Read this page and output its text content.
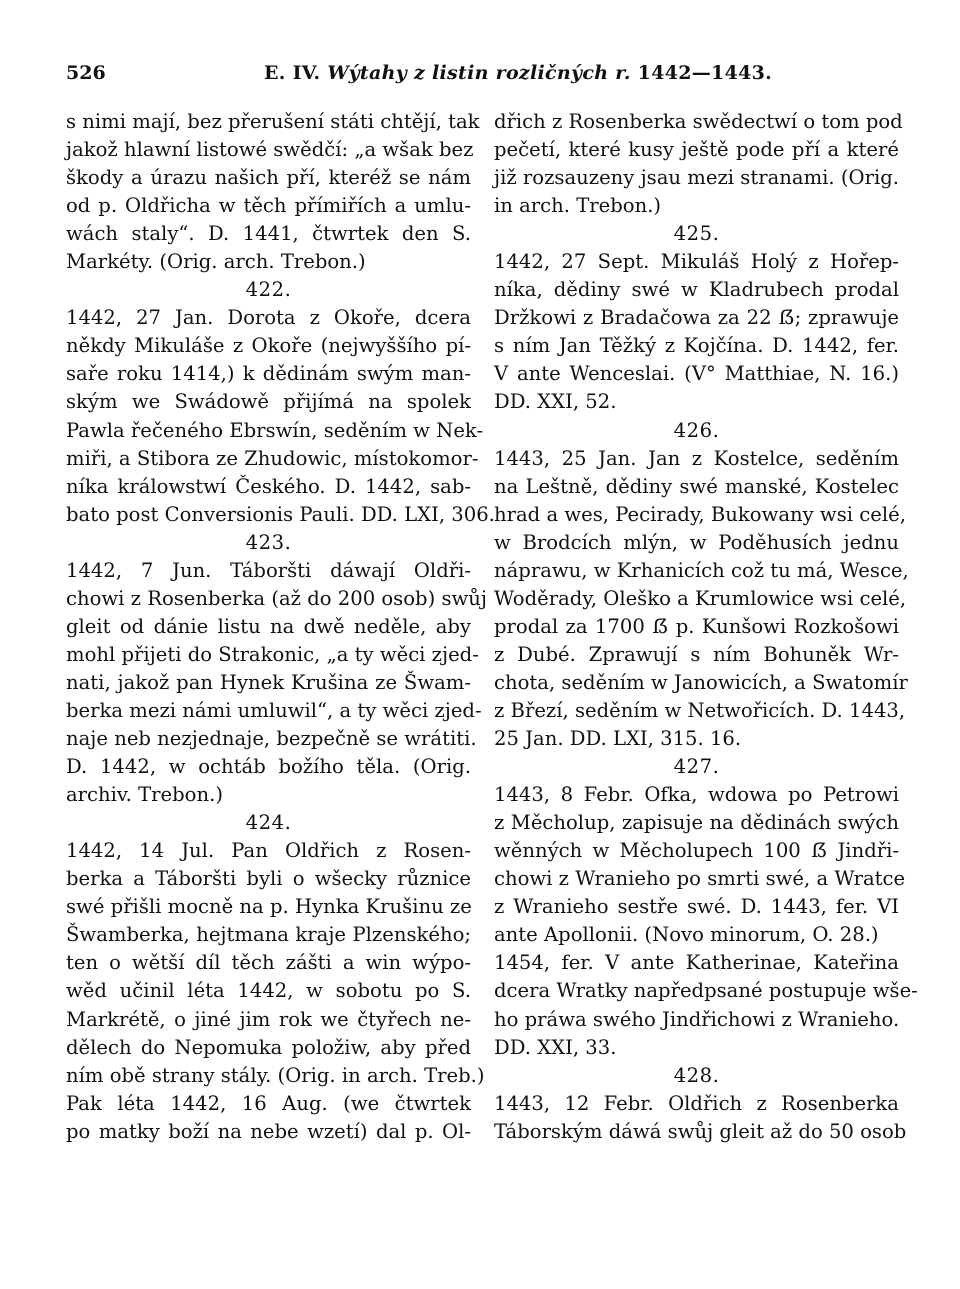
526	E. IV. Wýtahy z listin rozličných r. 1442—1443.
s nimi mají, bez přerušení státi chtějí, tak
jakož hlawní listowé swědčí: „a wšak bez
škody a úrazu našich pří, kteréž se nám
od p. Oldřicha w těch přímiřích a umlu-
wách staly“. D. 1441, čtwrtek den S.
Markéty. (Orig. arch. Trebon.)
422.
1442, 27 Jan. Dorota z Okoře, dcera
někdy Mikuláše z Okoře (nejwyššího pí-
saře roku 1414,) k dědinám swým man-
ským we Swádowě přijímá na spolek
Pawla řečeného Ebrswín, seděním w Nek-
miři, a Stibora ze Zhudowic, místokomor-
níka králowstwí Českého. D. 1442, sab-
bato post Conversionis Pauli. DD. LXI, 306.
423.
1442, 7 Jun. Táboršti dáwají Oldři-
chowi z Rosenberka (až do 200 osob) swůj
gleit od dánie listu na dwě neděle, aby
mohl přijeti do Strakonic, „a ty wěci zjed-
nati, jakož pan Hynek Krušina ze Šwam-
berka mezi námi umluwil“, a ty wěci zjed-
naje neb nezjednaje, bezpečně se wrátiti.
D. 1442, w ochtáb božího těla. (Orig.
archiv. Trebon.)
424.
1442, 14 Jul. Pan Oldřich z Rosen-
berka a Táboršti byli o wšecky různice
swé přišli mocně na p. Hynka Krušinu ze
Šwamberka, hejtmana kraje Plzenského;
ten o wětší díl těch zášti a win wýpo-
wěd učinil léta 1442, w sobotu po S.
Markrétě, o jiné jim rok we čtyřech ne-
dělech do Nepomuka položiw, aby před
ním obě strany stály. (Orig. in arch. Treb.)
Pak léta 1442, 16 Aug. (we čtwrtek
po matky boží na nebe wzetí) dal p. Ol-
dřich z Rosenberka swědectwí o tom pod
pečetí, které kusy ještě pode pří a které
již rozsauzeny jsau mezi stranami. (Orig.
in arch. Trebon.)
425.
1442, 27 Sept. Mikuláš Holý z Hořep-
níka, dědiny swé w Kladrubech prodal
Držkowi z Bradačowa za 22 ẞ; zprawuje
s ním Jan Těžký z Kojčína. D. 1442, fer.
V ante Wenceslai. (V° Matthiae, N. 16.)
DD. XXI, 52.
426.
1443, 25 Jan. Jan z Kostelce, seděním
na Leštně, dědiny swé manské, Kostelec
hrad a wes, Pecirady, Bukowany wsi celé,
w Brodcích mlýn, w Poděhusích jednu
náprawu, w Krhanicích což tu má, Wesce,
Woděrady, Oleško a Krumlowice wsi celé,
prodal za 1700 ẞ p. Kunšowi Rozkošowi
z Dubé. Zprawují s ním Bohuněk Wr-
chota, seděním w Janowicích, a Swatomír
z Březí, seděním w Netwořicích. D. 1443,
25 Jan. DD. LXI, 315. 16.
427.
1443, 8 Febr. Ofka, wdowa po Petrowi
z Měcholup, zapisuje na dědinách swých
wěnných w Měcholupech 100 ẞ Jindři-
chowi z Wranieho po smrti swé, a Wratce
z Wranieho sestře swé. D. 1443, fer. VI
ante Apollonii. (Novo minorum, O. 28.)
1454, fer. V ante Katherinae, Kateřina
dcera Wratky napředpsané postupuje wše-
ho práwa swého Jindřichowi z Wranieho.
DD. XXI, 33.
428.
1443, 12 Febr. Oldřich z Rosenberka
Táborským dáwá swůj gleit až do 50 osob
